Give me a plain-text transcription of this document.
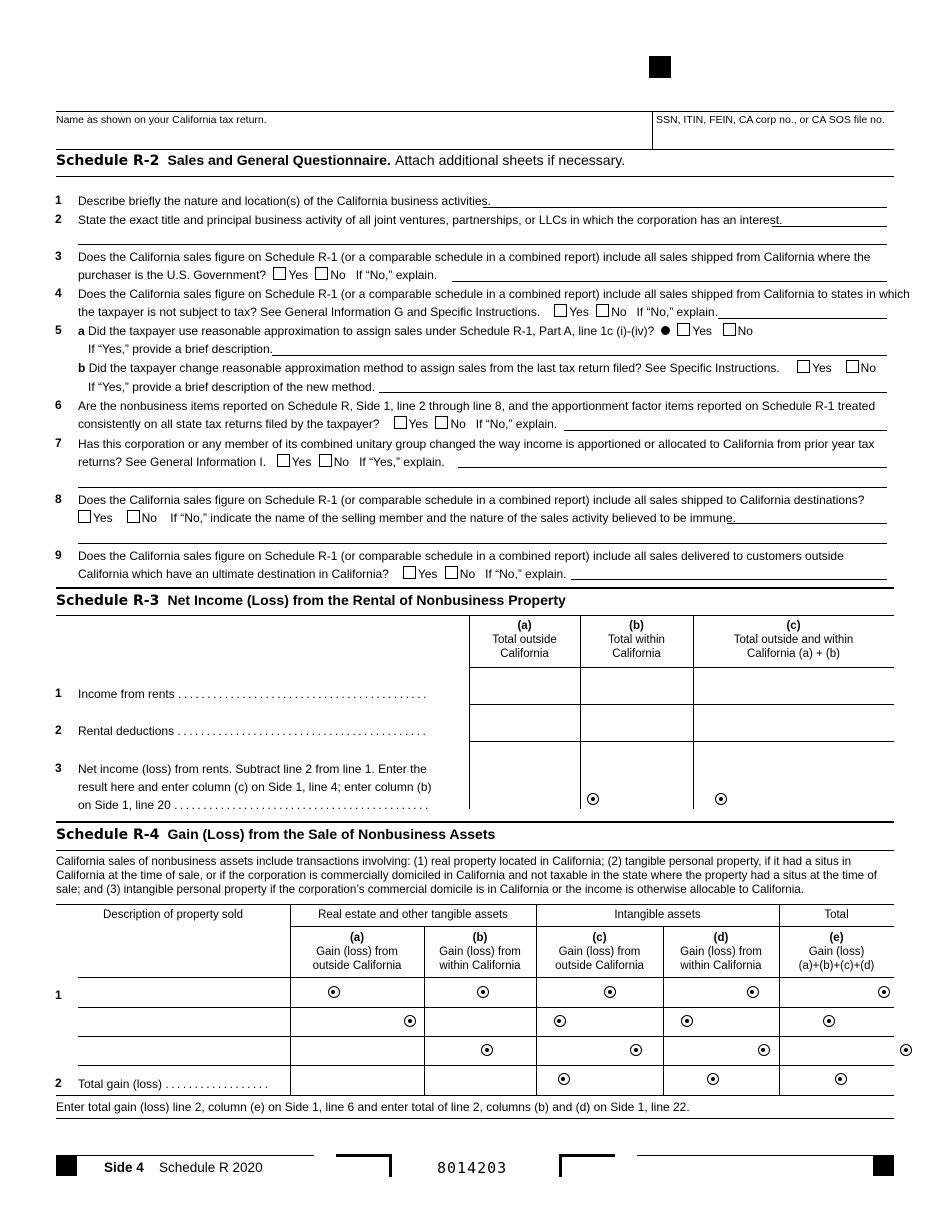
Name as shown on your California tax return.	SSN, ITIN, FEIN, CA corp no., or CA SOS file no.
Schedule R-2 Sales and General Questionnaire. Attach additional sheets if necessary.
1 Describe briefly the nature and location(s) of the California business activities.
2 State the exact title and principal business activity of all joint ventures, partnerships, or LLCs in which the corporation has an interest.
3 Does the California sales figure on Schedule R-1 (or a comparable schedule in a combined report) include all sales shipped from California where the
purchaser is the U.S. Government? Yes No If “No,” explain.
4 Does the California sales figure on Schedule R-1 (or a comparable schedule in a combined report) include all sales shipped from California to states in which
the taxpayer is not subject to tax? See General Information G and Specific Instructions. Yes No If “No,” explain.
5 a Did the taxpayer use reasonable approximation to assign sales under Schedule R-1, Part A, line 1c (i)-(iv)?	Yes No
If “Yes,” provide a brief description.
b Did the taxpayer change reasonable approximation method to assign sales from the last tax return filed? See Specific Instructions.	Yes No
If “Yes,” provide a brief description of the new method.
6 Are the nonbusiness items reported on Schedule R, Side 1, line 2 through line 8, and the apportionment factor items reported on Schedule R-1 treated
consistently on all state tax returns filed by the taxpayer? Yes No If “No,” explain.
7 Has this corporation or any member of its combined unitary group changed the way income is apportioned or allocated to California from prior year tax
returns? See General Information I. Yes No If “Yes,” explain.
8 Does the California sales figure on Schedule R-1 (or comparable schedule in a combined report) include all sales shipped to California destinations?
Yes No If “No,” indicate the name of the selling member and the nature of the sales activity believed to be immune.
9 Does the California sales figure on Schedule R-1 (or comparable schedule in a combined report) include all sales delivered to customers outside
California which have an ultimate destination in California? Yes No If “No,” explain.
Schedule R-3 Net Income (Loss) from the Rental of Nonbusiness Property
(a)
Total outside
California
(b)
Total within
California
(c)
Total outside and within
California (a) + (b)
1 Income from rents ...........................................
2 Rental deductions ...........................................
3 Net income (loss) from rents. Subtract line 2 from line 1. Enter the
result here and enter column (c) on Side 1, line 4; enter column (b)
on Side 1, line 20 ............................................

Schedule R-4 Gain (Loss) from the Sale of Nonbusiness Assets
California sales of nonbusiness assets include transactions involving: (1) real property located in California; (2) tangible personal property, if it had a situs in
California at the time of sale, or if the corporation is commercially domiciled in California and not taxable in the state where the property had a situs at the time of
sale; and (3) intangible personal property if the corporation’s commercial domicile is in California or the income is otherwise allocable to California.
Description of property sold	Real estate and other tangible assets	Intangible assets	Total
(a)
Gain (loss) from
outside California
(b)
Gain (loss) from
within California
(c)
Gain (loss) from
outside California
(d)
Gain (loss) from
within California
(e)
Gain (loss)
(a)+(b)+(c)+(d)
1
2 Total gain (loss) ..................

Enter total gain (loss) line 2, column (e) on Side 1, line 6 and enter total of line 2, columns (b) and (d) on Side 1, line 22.
Side 4 Schedule R 2020	8014203
